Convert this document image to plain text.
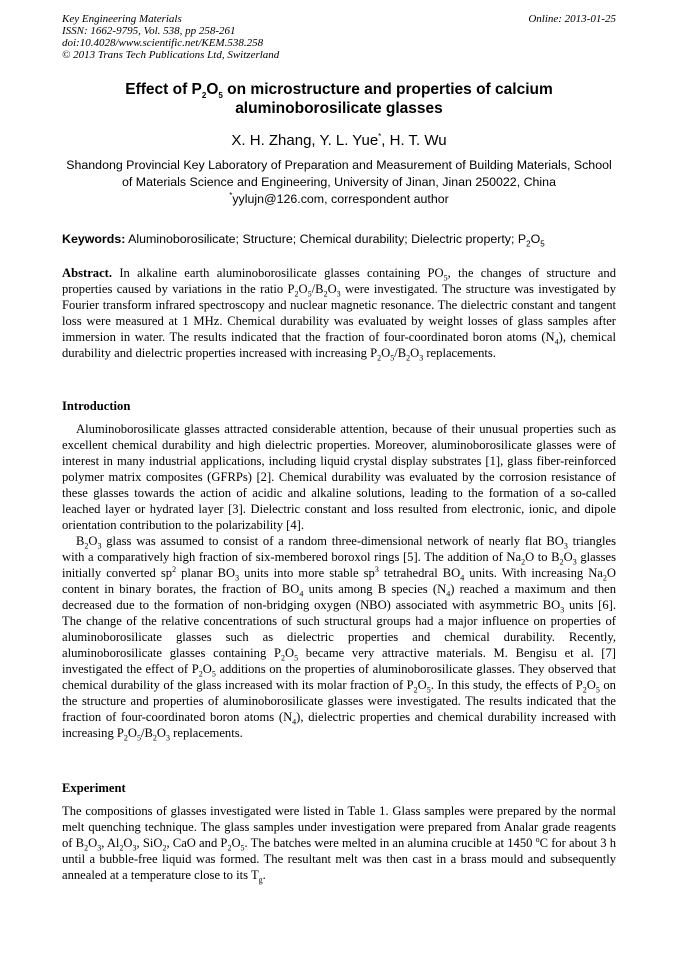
Key Engineering Materials
ISSN: 1662-9795, Vol. 538, pp 258-261
doi:10.4028/www.scientific.net/KEM.538.258
© 2013 Trans Tech Publications Ltd, Switzerland
Online: 2013-01-25
Effect of $P_2O_5$ on microstructure and properties of calcium
aluminoborosilicate glasses
X. H. Zhang, Y. L. Yue*, H. T. Wu
Shandong Provincial Key Laboratory of Preparation and Measurement of Building Materials, School
of Materials Science and Engineering, University of Jinan, Jinan 250022, China
*yylujn@126.com, correspondent author
Keywords: Aluminoborosilicate; Structure; Chemical durability; Dielectric property; $P_2O_5$

Abstract. In alkaline earth aluminoborosilicate glasses containing $PO_5$, the changes of structure and properties caused by variations in the ratio $P_2O_5/B_2O_3$ were investigated. The structure was investigated by Fourier transform infrared spectroscopy and nuclear magnetic resonance. The dielectric constant and tangent loss were measured at 1 MHz. Chemical durability was evaluated by weight losses of glass samples after immersion in water. The results indicated that the fraction of four-coordinated boron atoms $(N_4)$, chemical durability and dielectric properties increased with increasing $P_2O_5/B_2O_3$ replacements.

Introduction

Aluminoborosilicate glasses attracted considerable attention, because of their unusual properties such as excellent chemical durability and high dielectric properties. Moreover, aluminoborosilicate glasses were of interest in many industrial applications, including liquid crystal display substrates [1], glass fiber-reinforced polymer matrix composites (GFRPs) [2]. Chemical durability was evaluated by the corrosion resistance of these glasses towards the action of acidic and alkaline solutions, leading to the formation of a so-called leached layer or hydrated layer [3]. Dielectric constant and loss resulted from electronic, ionic, and dipole orientation contribution to the polarizability [4].

$B_2O_3$ glass was assumed to consist of a random three-dimensional network of nearly flat $BO_3$ triangles with a comparatively high fraction of six-membered boroxol rings [5]. The addition of $Na_2O$ to $B_2O_3$ glasses initially converted $sp^2$ planar $BO_3$ units into more stable $sp^3$ tetrahedral $BO_4$ units. With increasing $Na_2O$ content in binary borates, the fraction of $BO_4$ units among B species $(N_4)$ reached a maximum and then decreased due to the formation of non-bridging oxygen (NBO) associated with asymmetric $BO_3$ units [6]. The change of the relative concentrations of such structural groups had a major influence on properties of aluminoborosilicate glasses such as dielectric properties and chemical durability. Recently, aluminoborosilicate glasses containing $P_2O_5$ became very attractive materials. M. Bengisu et al. [7] investigated the effect of $P_2O_5$ additions on the properties of aluminoborosilicate glasses. They observed that chemical durability of the glass increased with its molar fraction of $P_2O_5$. In this study, the effects of $P_2O_5$ on the structure and properties of aluminoborosilicate glasses were investigated. The results indicated that the fraction of four-coordinated boron atoms $(N_4)$, dielectric properties and chemical durability increased with increasing $P_2O_5/B_2O_3$ replacements.

Experiment

The compositions of glasses investigated were listed in Table 1. Glass samples were prepared by the normal melt quenching technique. The glass samples under investigation were prepared from Analar grade reagents of $B_2O_3$, $Al_2O_3$, SiO$_2$, CaO and $P_2O_5$. The batches were melted in an alumina crucible at 1450 $^o$C for about 3 h until a bubble-free liquid was formed. The resultant melt was then cast in a brass mould and subsequently annealed at a temperature close to its $T_g$.
